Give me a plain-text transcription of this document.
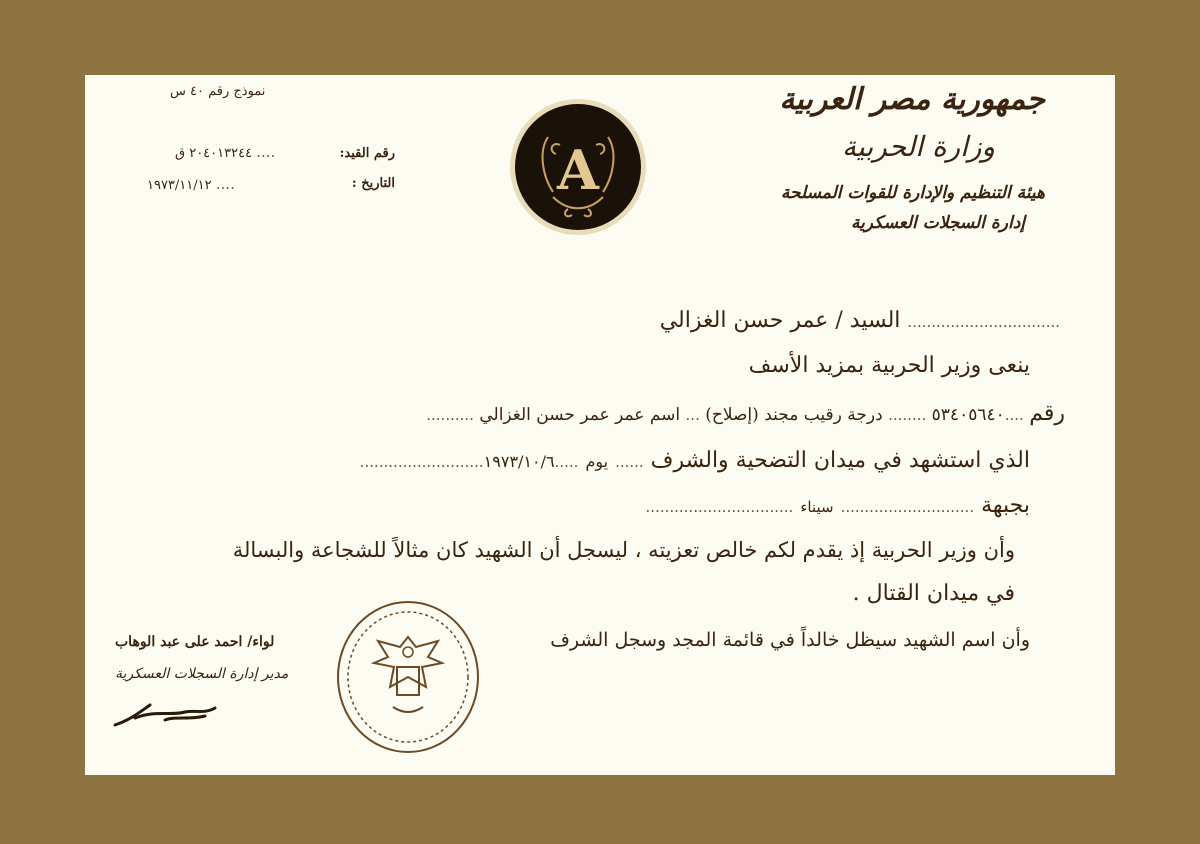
نموذج رقم ٤٠ س
رقم القيد:
.... ٢٠٤٠١٣٢٤٤ ق
التاريخ :
.... ١٩٧٣/١١/١٢	A
جمهورية مصر العربية
وزارة الحربية
هيئة التنظيم والإدارة للقوات المسلحة
إدارة السجلات العسكرية
................................ السيد / عمر حسن الغزالي
ينعى وزير الحربية بمزيد الأسف
رقم ....٥٣٤٠٥٦٤٠ ........ درجة رقيب مجند (إصلاح) ... اسم عمر عمر حسن الغزالي ..........
الذي استشهد في ميدان التضحية والشرف ...... يوم .....١٩٧٣/١٠/٦..........................
بجبهة ............................ سيناء ...............................
وأن وزير الحربية إذ يقدم لكم خالص تعزيته ، ليسجل أن الشهيد كان مثالاً للشجاعة والبسالة
في ميدان القتال .
وأن اسم الشهيد سيظل خالداً في قائمة المجد وسجل الشرف
لواء/ احمد على عبد الوهاب
مدير إدارة السجلات العسكرية
